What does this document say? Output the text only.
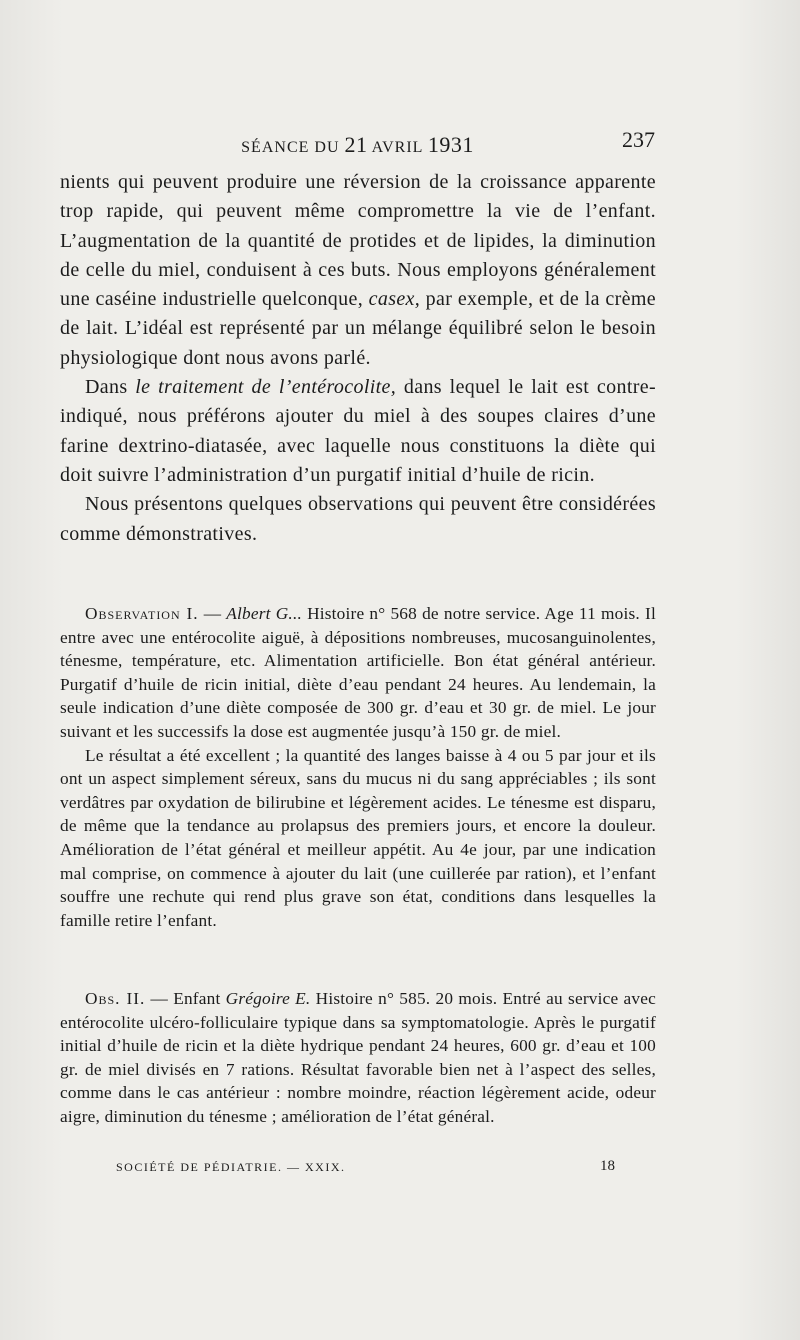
SÉANCE DU 21 AVRIL 1931	237

nients qui peuvent produire une réversion de la croissance apparente trop rapide, qui peuvent même compromettre la vie de l’enfant. L’augmentation de la quantité de protides et de lipides, la diminution de celle du miel, conduisent à ces buts. Nous employons généralement une caséine industrielle quelconque, casex, par exemple, et de la crème de lait. L’idéal est représenté par un mélange équilibré selon le besoin physiologique dont nous avons parlé.

Dans le traitement de l’entérocolite, dans lequel le lait est contre-indiqué, nous préférons ajouter du miel à des soupes claires d’une farine dextrino-diatasée, avec laquelle nous constituons la diète qui doit suivre l’administration d’un purgatif initial d’huile de ricin.

Nous présentons quelques observations qui peuvent être considérées comme démonstratives.

Observation I. — Albert G... Histoire n° 568 de notre service. Age 11 mois. Il entre avec une entérocolite aiguë, à dépositions nombreuses, mucosanguinolentes, ténesme, température, etc. Alimentation artificielle. Bon état général antérieur. Purgatif d’huile de ricin initial, diète d’eau pendant 24 heures. Au lendemain, la seule indication d’une diète composée de 300 gr. d’eau et 30 gr. de miel. Le jour suivant et les successifs la dose est augmentée jusqu’à 150 gr. de miel.

Le résultat a été excellent ; la quantité des langes baisse à 4 ou 5 par jour et ils ont un aspect simplement séreux, sans du mucus ni du sang appréciables ; ils sont verdâtres par oxydation de bilirubine et légèrement acides. Le ténesme est disparu, de même que la tendance au prolapsus des premiers jours, et encore la douleur. Amélioration de l’état général et meilleur appétit. Au 4e jour, par une indication mal comprise, on commence à ajouter du lait (une cuillerée par ration), et l’enfant souffre une rechute qui rend plus grave son état, conditions dans lesquelles la famille retire l’enfant.

Obs. II. — Enfant Grégoire E. Histoire n° 585. 20 mois. Entré au service avec entérocolite ulcéro-folliculaire typique dans sa symptomatologie. Après le purgatif initial d’huile de ricin et la diète hydrique pendant 24 heures, 600 gr. d’eau et 100 gr. de miel divisés en 7 rations. Résultat favorable bien net à l’aspect des selles, comme dans le cas antérieur : nombre moindre, réaction légèrement acide, odeur aigre, diminution du ténesme ; amélioration de l’état général.

SOCIÉTÉ DE PÉDIATRIE. — XXIX.	18
